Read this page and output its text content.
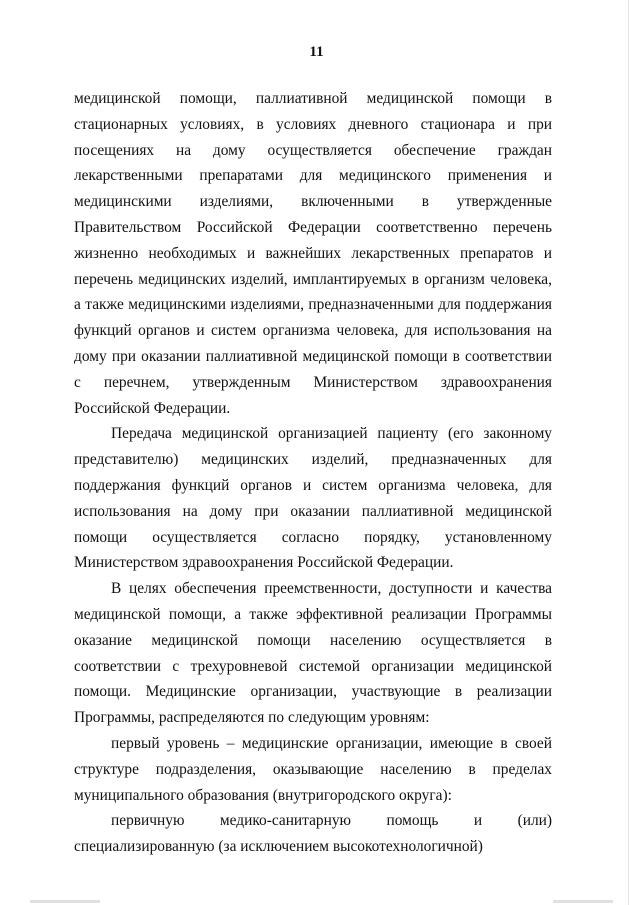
11

медицинской помощи, паллиативной медицинской помощи в стационарных условиях, в условиях дневного стационара и при посещениях на дому осуществляется обеспечение граждан лекарственными препаратами для медицинского применения и медицинскими изделиями, включенными в утвержденные Правительством Российской Федерации соответственно перечень жизненно необходимых и важнейших лекарственных препаратов и перечень медицинских изделий, имплантируемых в организм человека, а также медицинскими изделиями, предназначенными для поддержания функций органов и систем организма человека, для использования на дому при оказании паллиативной медицинской помощи в соответствии с перечнем, утвержденным Министерством здравоохранения Российской Федерации.

Передача медицинской организацией пациенту (его законному представителю) медицинских изделий, предназначенных для поддержания функций органов и систем организма человека, для использования на дому при оказании паллиативной медицинской помощи осуществляется согласно порядку, установленному Министерством здравоохранения Российской Федерации.

В целях обеспечения преемственности, доступности и качества медицинской помощи, а также эффективной реализации Программы оказание медицинской помощи населению осуществляется в соответствии с трехуровневой системой организации медицинской помощи. Медицинские организации, участвующие в реализации Программы, распределяются по следующим уровням:

первый уровень – медицинские организации, имеющие в своей структуре подразделения, оказывающие населению в пределах муниципального образования (внутригородского округа):

первичную медико-санитарную помощь и (или) специализированную (за исключением высокотехнологичной)
